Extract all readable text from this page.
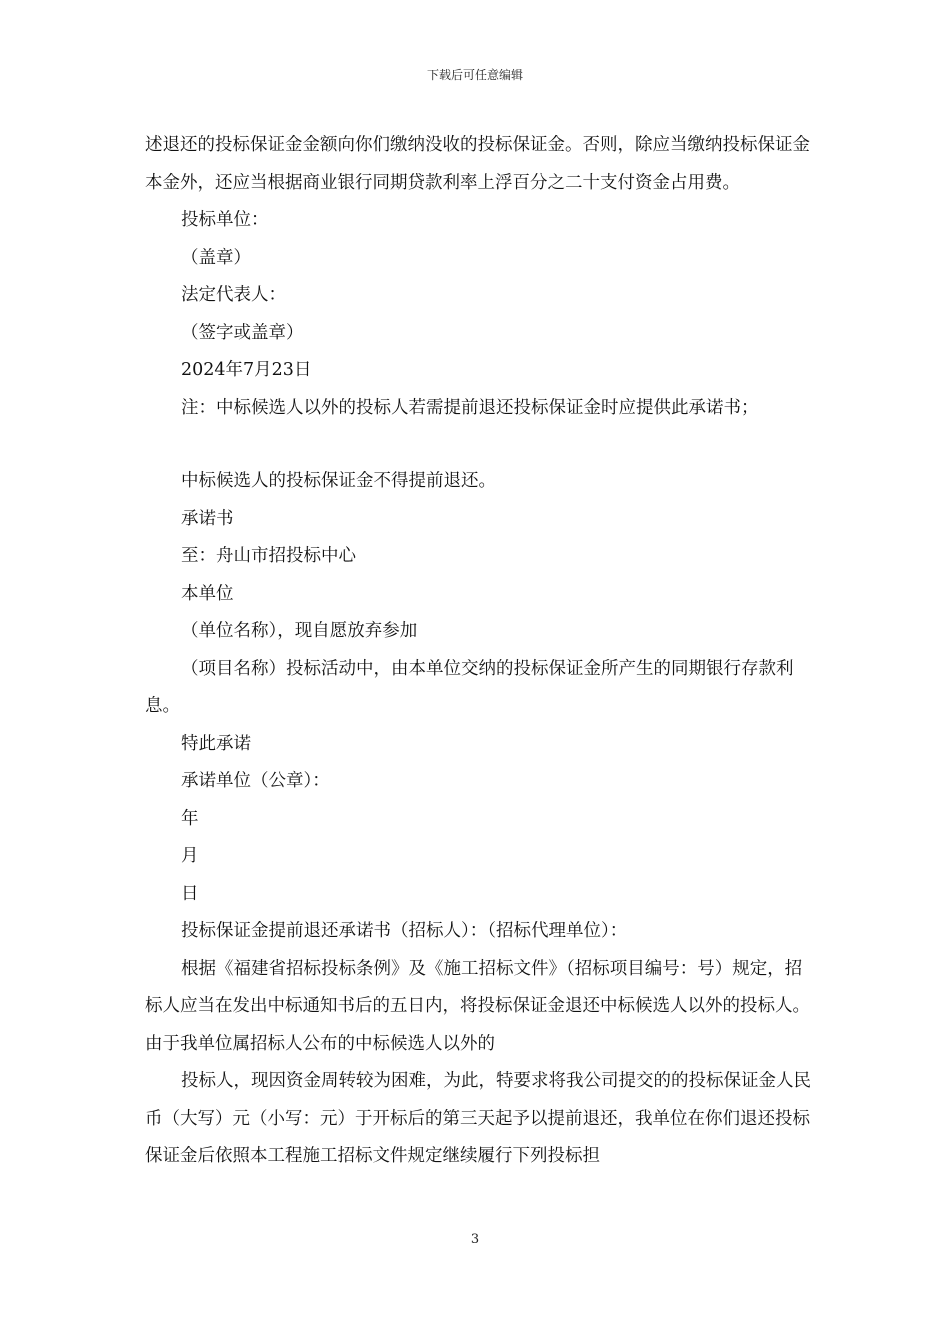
下载后可任意编辑

述退还的投标保证金金额向你们缴纳没收的投标保证金。否则，除应当缴纳投标保证金本金外，还应当根据商业银行同期贷款利率上浮百分之二十支付资金占用费。

投标单位：

（盖章）

法定代表人：

（签字或盖章）

2024年7月23日

注：中标候选人以外的投标人若需提前退还投标保证金时应提供此承诺书；

中标候选人的投标保证金不得提前退还。

承诺书

至：舟山市招投标中心

本单位

（单位名称），现自愿放弃参加

（项目名称）投标活动中，由本单位交纳的投标保证金所产生的同期银行存款利息。

特此承诺

承诺单位（公章）：

年

月

日

投标保证金提前退还承诺书（招标人）：（招标代理单位）：

根据《福建省招标投标条例》及《施工招标文件》（招标项目编号：号）规定，招标人应当在发出中标通知书后的五日内，将投标保证金退还中标候选人以外的投标人。由于我单位属招标人公布的中标候选人以外的

投标人，现因资金周转较为困难，为此，特要求将我公司提交的的投标保证金人民币（大写）元（小写：元）于开标后的第三天起予以提前退还，我单位在你们退还投标保证金后依照本工程施工招标文件规定继续履行下列投标担

3
